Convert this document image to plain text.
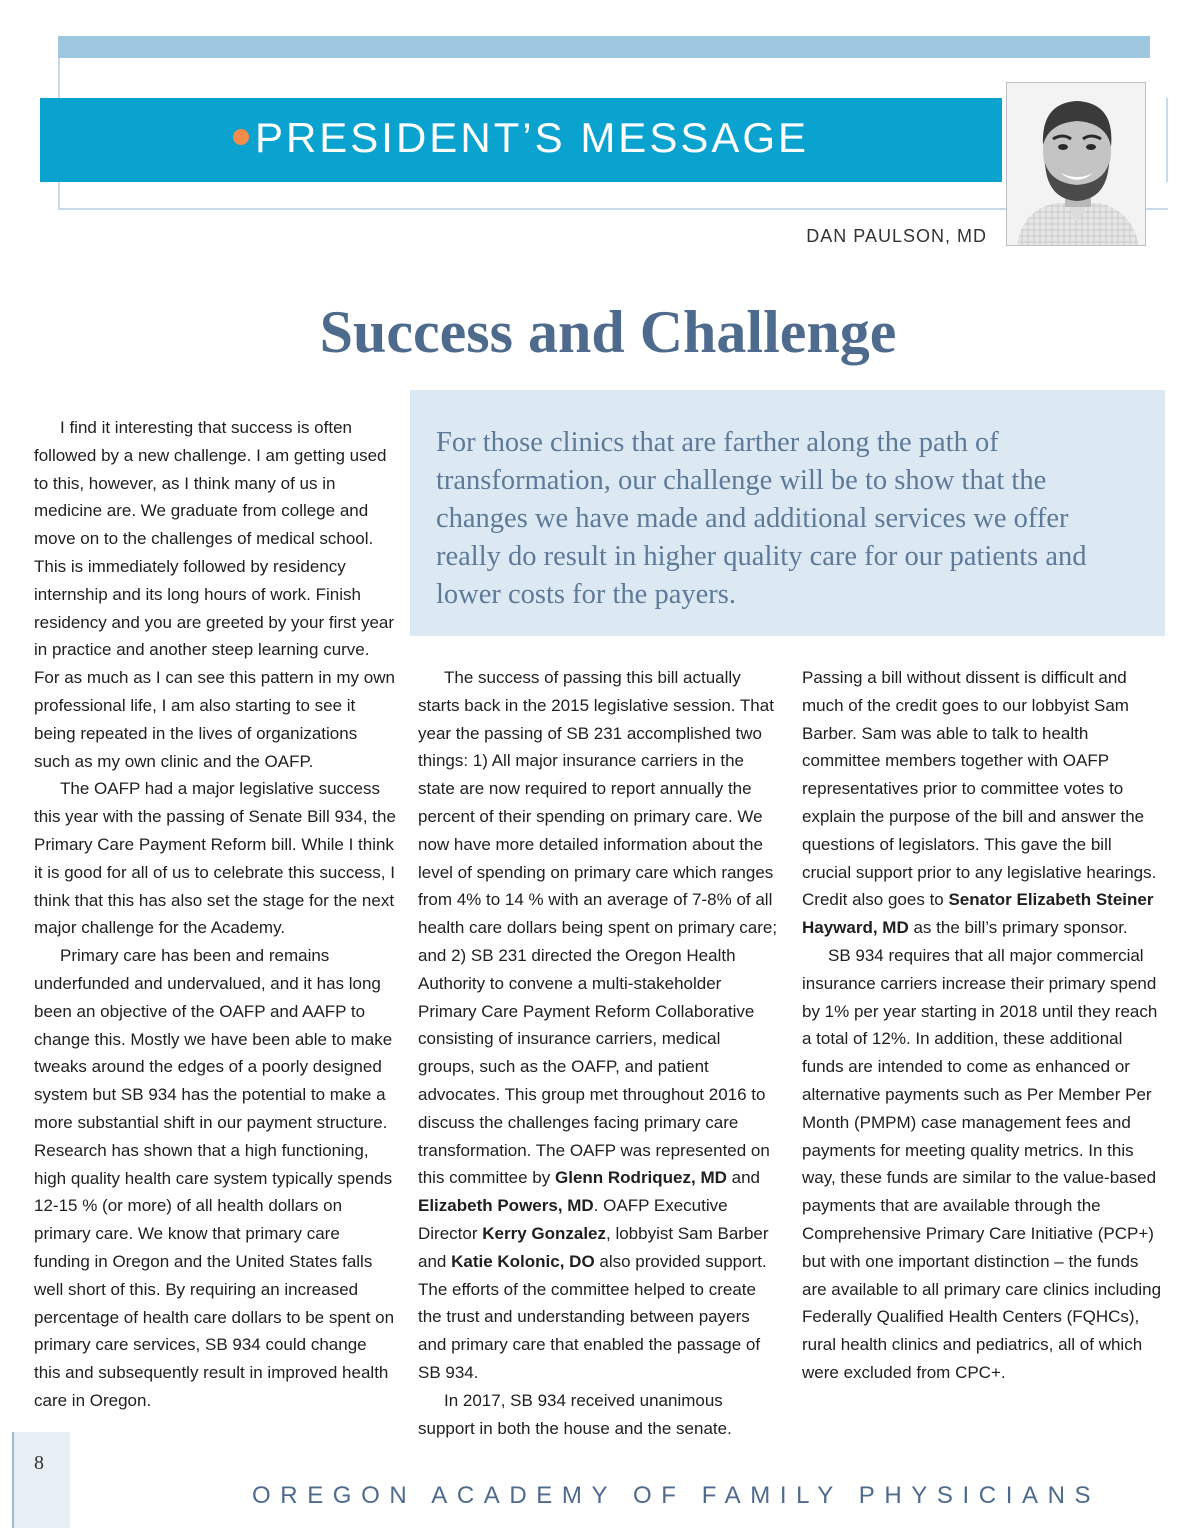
PRESIDENT’S MESSAGE
DAN PAULSON, MD
Success and Challenge

For those clinics that are farther along the path of transformation, our challenge will be to show that the changes we have made and additional services we offer really do result in higher quality care for our patients and lower costs for the payers.

I find it interesting that success is often followed by a new challenge. I am getting used to this, however, as I think many of us in medicine are. We graduate from college and move on to the challenges of medical school. This is immediately followed by residency internship and its long hours of work. Finish residency and you are greeted by your first year in practice and another steep learning curve. For as much as I can see this pattern in my own professional life, I am also starting to see it being repeated in the lives of organizations such as my own clinic and the OAFP.

The OAFP had a major legislative success this year with the passing of Senate Bill 934, the Primary Care Payment Reform bill. While I think it is good for all of us to celebrate this success, I think that this has also set the stage for the next major challenge for the Academy.

Primary care has been and remains underfunded and undervalued, and it has long been an objective of the OAFP and AAFP to change this. Mostly we have been able to make tweaks around the edges of a poorly designed system but SB 934 has the potential to make a more substantial shift in our payment structure. Research has shown that a high functioning, high quality health care system typically spends 12-15 % (or more) of all health dollars on primary care. We know that primary care funding in Oregon and the United States falls well short of this. By requiring an increased percentage of health care dollars to be spent on primary care services, SB 934 could change this and subsequently result in improved health care in Oregon.

The success of passing this bill actually starts back in the 2015 legislative session. That year the passing of SB 231 accomplished two things: 1) All major insurance carriers in the state are now required to report annually the percent of their spending on primary care. We now have more detailed information about the level of spending on primary care which ranges from 4% to 14 % with an average of 7-8% of all health care dollars being spent on primary care; and 2) SB 231 directed the Oregon Health Authority to convene a multi-stakeholder Primary Care Payment Reform Collaborative consisting of insurance carriers, medical groups, such as the OAFP, and patient advocates. This group met throughout 2016 to discuss the challenges facing primary care transformation. The OAFP was represented on this committee by Glenn Rodriquez, MD and Elizabeth Powers, MD. OAFP Executive Director Kerry Gonzalez, lobbyist Sam Barber and Katie Kolonic, DO also provided support. The efforts of the committee helped to create the trust and understanding between payers and primary care that enabled the passage of SB 934.

In 2017, SB 934 received unanimous support in both the house and the senate.

Passing a bill without dissent is difficult and much of the credit goes to our lobbyist Sam Barber. Sam was able to talk to health committee members together with OAFP representatives prior to committee votes to explain the purpose of the bill and answer the questions of legislators. This gave the bill crucial support prior to any legislative hearings. Credit also goes to Senator Elizabeth Steiner Hayward, MD as the bill’s primary sponsor.

SB 934 requires that all major commercial insurance carriers increase their primary spend by 1% per year starting in 2018 until they reach a total of 12%. In addition, these additional funds are intended to come as enhanced or alternative payments such as Per Member Per Month (PMPM) case management fees and payments for meeting quality metrics. In this way, these funds are similar to the value-based payments that are available through the Comprehensive Primary Care Initiative (PCP+) but with one important distinction – the funds are available to all primary care clinics including Federally Qualified Health Centers (FQHCs), rural health clinics and pediatrics, all of which were excluded from CPC+.

8
OREGON ACADEMY OF FAMILY PHYSICIANS
